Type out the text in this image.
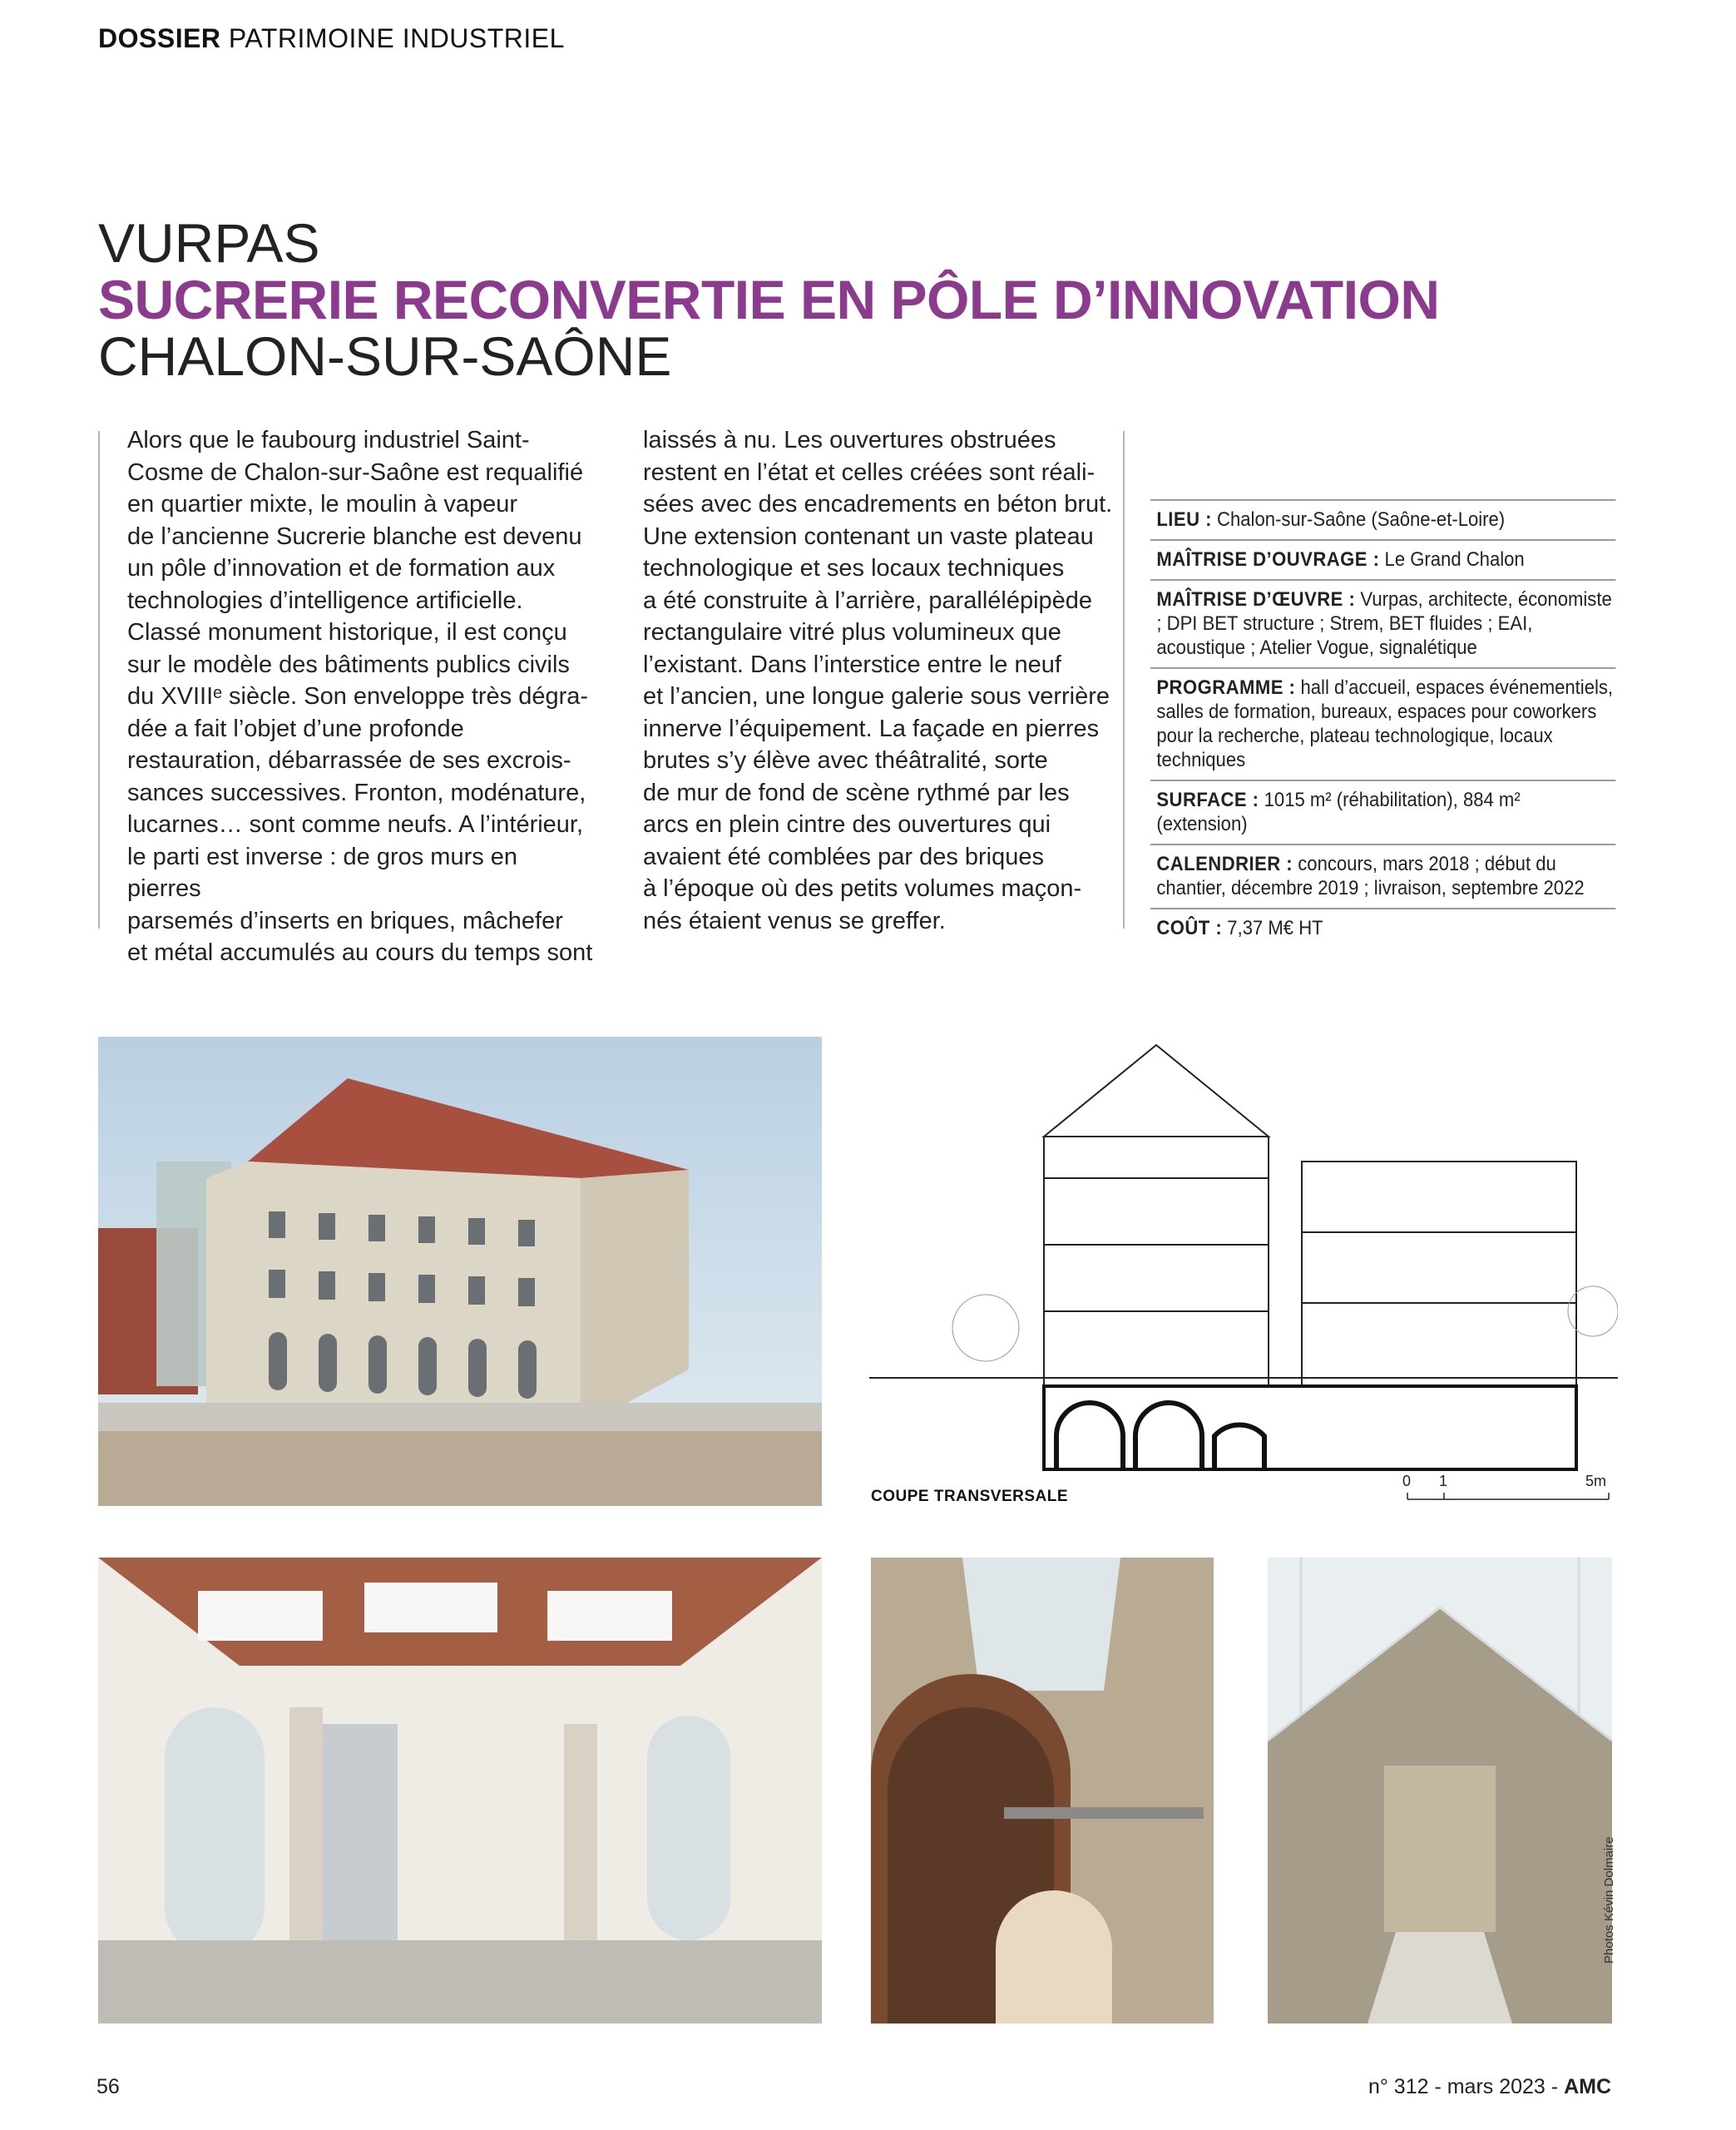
DOSSIER PATRIMOINE INDUSTRIEL
VURPAS
SUCRERIE RECONVERTIE EN PÔLE D’INNOVATION
CHALON-SUR-SAÔNE

Alors que le faubourg industriel Saint-

Cosme de Chalon-sur-Saône est requalifié

en quartier mixte, le moulin à vapeur

de l’ancienne Sucrerie blanche est devenu

un pôle d’innovation et de formation aux

technologies d’intelligence artificielle.

Classé monument historique, il est conçu

sur le modèle des bâtiments publics civils

du XVIIIᵉ siècle. Son enveloppe très dégra-

dée a fait l’objet d’une profonde

restauration, débarrassée de ses excrois-

sances successives. Fronton, modénature,

lucarnes… sont comme neufs. A l’intérieur,

le parti est inverse : de gros murs en pierres

parsemés d’inserts en briques, mâchefer

et métal accumulés au cours du temps sont

laissés à nu. Les ouvertures obstruées

restent en l’état et celles créées sont réali-

sées avec des encadrements en béton brut.

Une extension contenant un vaste plateau

technologique et ses locaux techniques

a été construite à l’arrière, parallélépipède

rectangulaire vitré plus volumineux que

l’existant. Dans l’interstice entre le neuf

et l’ancien, une longue galerie sous verrière

innerve l’équipement. La façade en pierres

brutes s’y élève avec théâtralité, sorte

de mur de fond de scène rythmé par les

arcs en plein cintre des ouvertures qui

avaient été comblées par des briques

à l’époque où des petits volumes maçon-

nés étaient venus se greffer.

LIEU : Chalon-sur-Saône (Saône-et-Loire)
MAÎTRISE D’OUVRAGE : Le Grand Chalon
MAÎTRISE D’ŒUVRE : Vurpas, architecte, économiste ; DPI BET structure ; Strem, BET fluides ; EAI, acoustique ; Atelier Vogue, signalétique
PROGRAMME : hall d’accueil, espaces événementiels, salles de formation, bureaux, espaces pour coworkers pour la recherche, plateau technologique, locaux techniques
SURFACE : 1015 m² (réhabilitation), 884 m² (extension)
CALENDRIER : concours, mars 2018 ; début du chantier, décembre 2019 ; livraison, septembre 2022
COÛT : 7,37 M€ HT
COUPE TRANSVERSALE
0 1	5m
Photos Kévin Dolmaire
56	n° 312 - mars 2023 - AMC
